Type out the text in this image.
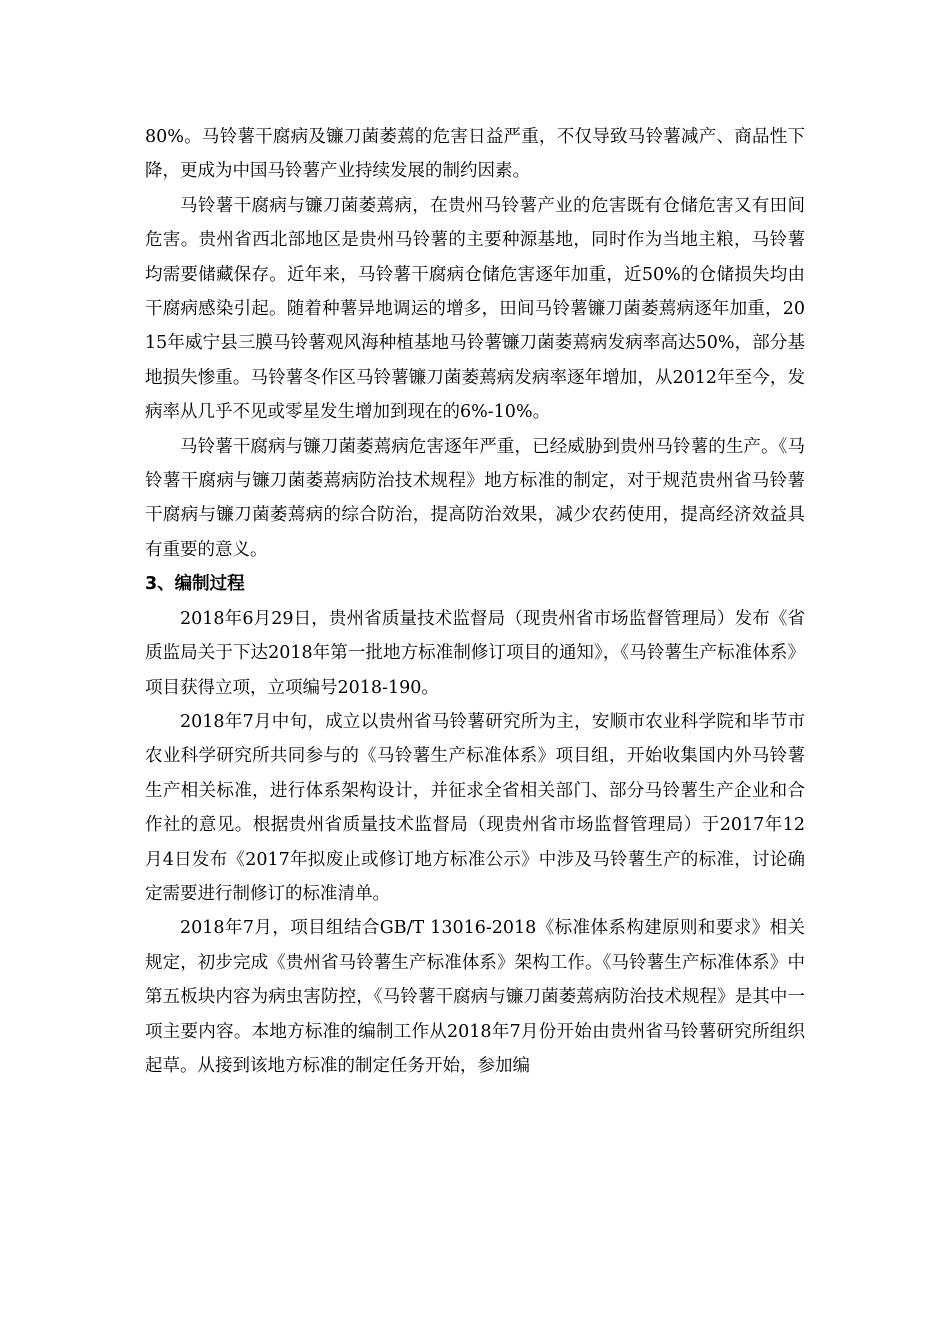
80%。马铃薯干腐病及镰刀菌萎蔫的危害日益严重，不仅导致马铃薯减产、商品性下降，更成为中国马铃薯产业持续发展的制约因素。

马铃薯干腐病与镰刀菌萎蔫病，在贵州马铃薯产业的危害既有仓储危害又有田间危害。贵州省西北部地区是贵州马铃薯的主要种源基地，同时作为当地主粮，马铃薯均需要储藏保存。近年来，马铃薯干腐病仓储危害逐年加重，近50%的仓储损失均由干腐病感染引起。随着种薯异地调运的增多，田间马铃薯镰刀菌萎蔫病逐年加重，2015年威宁县三膜马铃薯观风海种植基地马铃薯镰刀菌萎蔫病发病率高达50%，部分基地损失惨重。马铃薯冬作区马铃薯镰刀菌萎蔫病发病率逐年增加，从2012年至今，发病率从几乎不见或零星发生增加到现在的6%-10%。

马铃薯干腐病与镰刀菌萎蔫病危害逐年严重，已经威胁到贵州马铃薯的生产。《马铃薯干腐病与镰刀菌萎蔫病防治技术规程》地方标准的制定，对于规范贵州省马铃薯干腐病与镰刀菌萎蔫病的综合防治，提高防治效果，减少农药使用，提高经济效益具有重要的意义。

3、编制过程

2018年6月29日，贵州省质量技术监督局（现贵州省市场监督管理局）发布《省质监局关于下达2018年第一批地方标准制修订项目的通知》，《马铃薯生产标准体系》项目获得立项，立项编号2018-190。

2018年7月中旬，成立以贵州省马铃薯研究所为主，安顺市农业科学院和毕节市农业科学研究所共同参与的《马铃薯生产标准体系》项目组，开始收集国内外马铃薯生产相关标准，进行体系架构设计，并征求全省相关部门、部分马铃薯生产企业和合作社的意见。根据贵州省质量技术监督局（现贵州省市场监督管理局）于2017年12月4日发布《2017年拟废止或修订地方标准公示》中涉及马铃薯生产的标准，讨论确定需要进行制修订的标准清单。

2018年7月，项目组结合GB/T 13016-2018《标准体系构建原则和要求》相关规定，初步完成《贵州省马铃薯生产标准体系》架构工作。《马铃薯生产标准体系》中第五板块内容为病虫害防控，《马铃薯干腐病与镰刀菌萎蔫病防治技术规程》是其中一项主要内容。本地方标准的编制工作从2018年7月份开始由贵州省马铃薯研究所组织起草。从接到该地方标准的制定任务开始，参加编
